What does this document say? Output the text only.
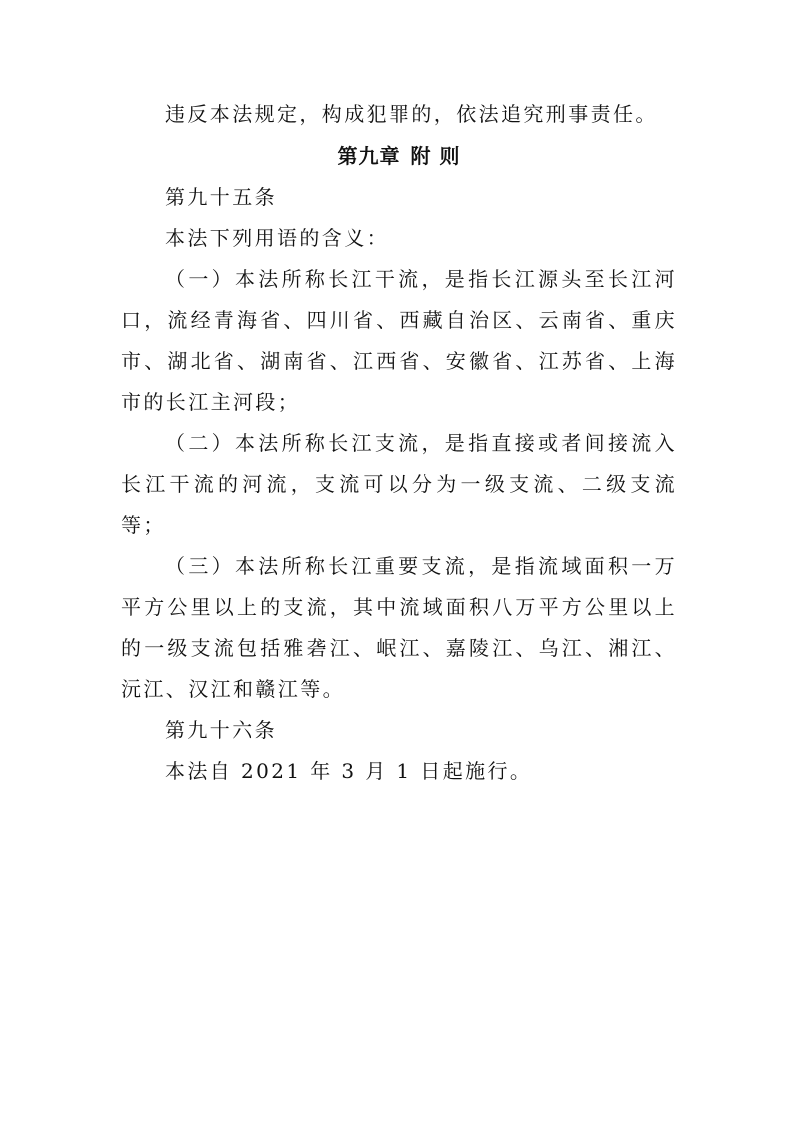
违反本法规定，构成犯罪的，依法追究刑事责任。

第九章 附 则

第九十五条

本法下列用语的含义：

（一）本法所称长江干流，是指长江源头至长江河口，流经青海省、四川省、西藏自治区、云南省、重庆市、湖北省、湖南省、江西省、安徽省、江苏省、上海市的长江主河段；

（二）本法所称长江支流，是指直接或者间接流入长江干流的河流，支流可以分为一级支流、二级支流等；

（三）本法所称长江重要支流，是指流域面积一万平方公里以上的支流，其中流域面积八万平方公里以上的一级支流包括雅砻江、岷江、嘉陵江、乌江、湘江、沅江、汉江和赣江等。

第九十六条

本法自 2021 年 3 月 1 日起施行。
